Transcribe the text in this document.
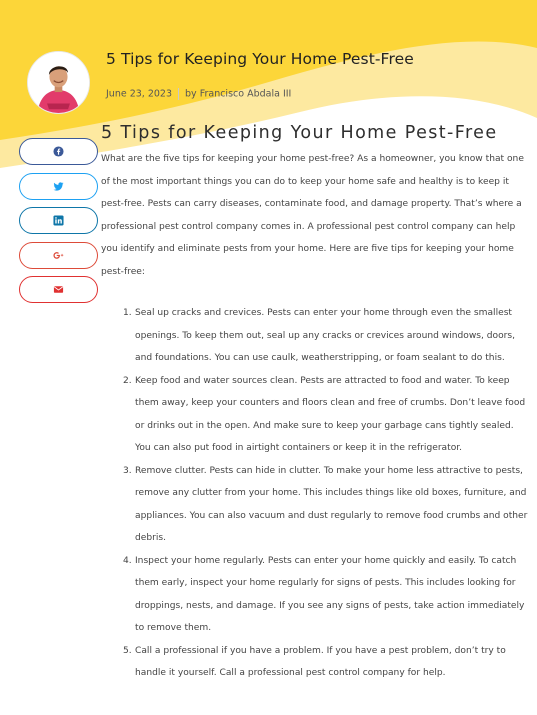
5 Tips for Keeping Your Home Pest-Free
June 23, 2023 by Francisco Abdala III
5 Tips for Keeping Your Home Pest-Free

What are the five tips for keeping your home pest-free? As a homeowner, you know that one of the most important things you can do to keep your home safe and healthy is to keep it pest-free. Pests can carry diseases, contaminate food, and damage property. That’s where a professional pest control company comes in. A professional pest control company can help you identify and eliminate pests from your home. Here are five tips for keeping your home pest-free:

1. Seal up cracks and crevices. Pests can enter your home through even the smallest openings. To keep them out, seal up any cracks or crevices around windows, doors, and foundations. You can use caulk, weatherstripping, or foam sealant to do this.
2. Keep food and water sources clean. Pests are attracted to food and water. To keep them away, keep your counters and floors clean and free of crumbs. Don’t leave food or drinks out in the open. And make sure to keep your garbage cans tightly sealed. You can also put food in airtight containers or keep it in the refrigerator.
3. Remove clutter. Pests can hide in clutter. To make your home less attractive to pests, remove any clutter from your home. This includes things like old boxes, furniture, and appliances. You can also vacuum and dust regularly to remove food crumbs and other debris.
4. Inspect your home regularly. Pests can enter your home quickly and easily. To catch them early, inspect your home regularly for signs of pests. This includes looking for droppings, nests, and damage. If you see any signs of pests, take action immediately to remove them.
5. Call a professional if you have a problem. If you have a pest problem, don’t try to handle it yourself. Call a professional pest control company for help.
